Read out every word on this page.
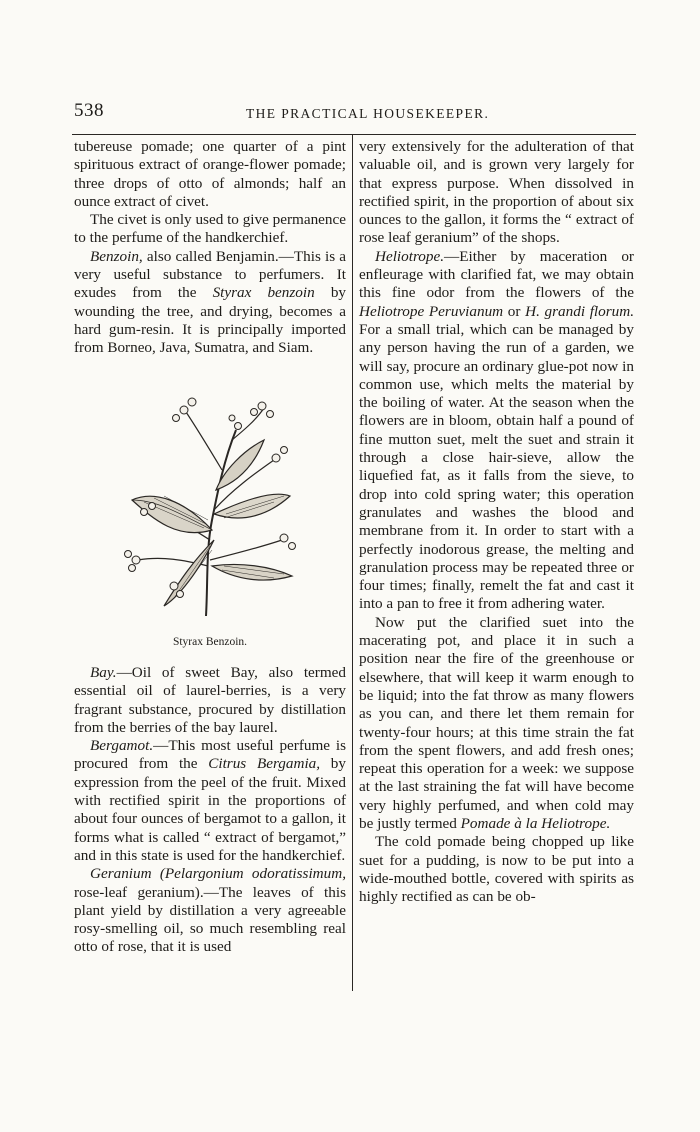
538	THE PRACTICAL HOUSEKEEPER.

tubereuse pomade; one quarter of a pint spirituous extract of orange-flower pomade; three drops of otto of almonds; half an ounce extract of civet.

The civet is only used to give permanence to the perfume of the handkerchief.

Benzoin, also called Benjamin.—This is a very useful substance to perfumers. It exudes from the Styrax benzoin by wounding the tree, and drying, becomes a hard gum-resin. It is principally imported from Borneo, Java, Sumatra, and Siam.

Styrax Benzoin.

Bay.—Oil of sweet Bay, also termed essential oil of laurel-berries, is a very fragrant substance, procured by distillation from the berries of the bay laurel.

Bergamot.—This most useful perfume is procured from the Citrus Bergamia, by expression from the peel of the fruit. Mixed with rectified spirit in the proportions of about four ounces of bergamot to a gallon, it forms what is called “ extract of bergamot,” and in this state is used for the handkerchief.

Geranium (Pelargonium odoratissimum, rose-leaf geranium).—The leaves of this plant yield by distillation a very agreeable rosy-smelling oil, so much resembling real otto of rose, that it is used

very extensively for the adulteration of that valuable oil, and is grown very largely for that express purpose. When dissolved in rectified spirit, in the proportion of about six ounces to the gallon, it forms the “ extract of rose leaf geranium” of the shops.

Heliotrope.—Either by maceration or enfleurage with clarified fat, we may obtain this fine odor from the flowers of the Heliotrope Peruvianum or H. grandi florum. For a small trial, which can be managed by any person having the run of a garden, we will say, procure an ordinary glue-pot now in common use, which melts the material by the boiling of water. At the season when the flowers are in bloom, obtain half a pound of fine mutton suet, melt the suet and strain it through a close hair-sieve, allow the liquefied fat, as it falls from the sieve, to drop into cold spring water; this operation granulates and washes the blood and membrane from it. In order to start with a perfectly inodorous grease, the melting and granulation process may be repeated three or four times; finally, remelt the fat and cast it into a pan to free it from adhering water.

Now put the clarified suet into the macerating pot, and place it in such a position near the fire of the greenhouse or elsewhere, that will keep it warm enough to be liquid; into the fat throw as many flowers as you can, and there let them remain for twenty-four hours; at this time strain the fat from the spent flowers, and add fresh ones; repeat this operation for a week: we suppose at the last straining the fat will have become very highly perfumed, and when cold may be justly termed Pomade à la Heliotrope.

The cold pomade being chopped up like suet for a pudding, is now to be put into a wide-mouthed bottle, covered with spirits as highly rectified as can be ob-
